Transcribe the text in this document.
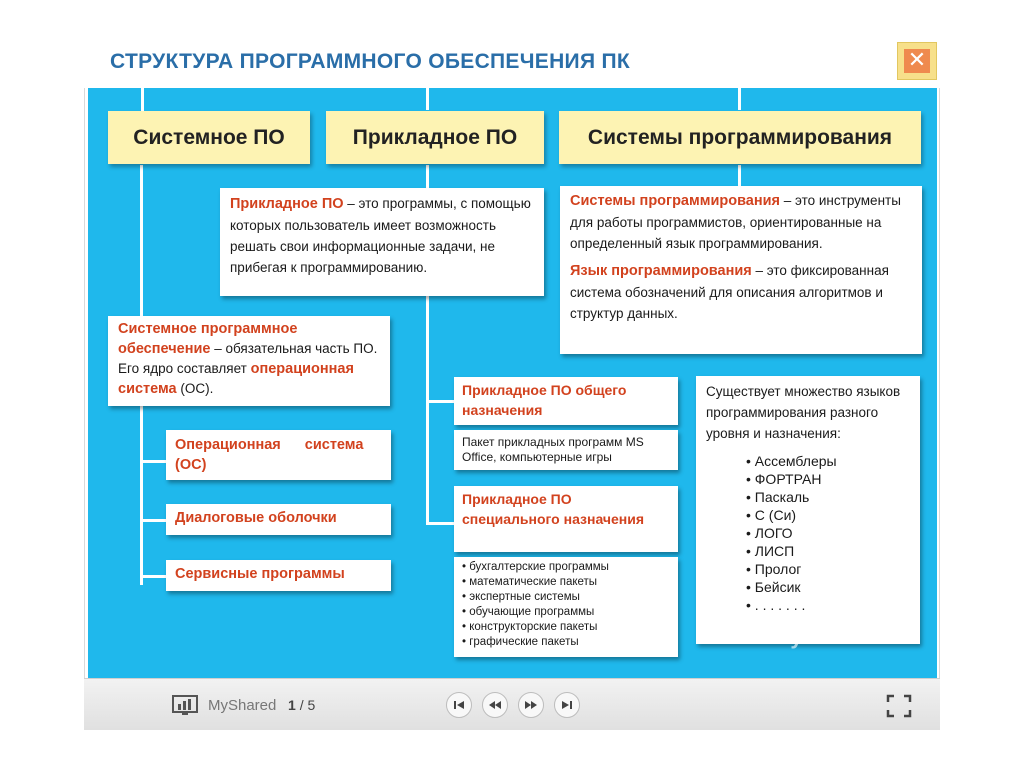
СТРУКТУРА ПРОГРАММНОГО ОБЕСПЕЧЕНИЯ ПК	✕
Системное ПО	Прикладное ПО	Системы программирования
Прикладное ПО – это программы, с помощью которых пользователь имеет возможность решать свои информационные задачи, не прибегая к программированию.
Системы программирования – это инструменты для работы программистов, ориентированные на определенный язык программирования.
Язык программирования – это фиксированная система обозначений для описания алгоритмов и структур данных.
Системное программное обеспечение – обязательная часть ПО. Его ядро составляет операционная система (ОС).
Операционная система (ОС)
Диалоговые оболочки
Сервисные программы
Прикладное ПО общего назначения
Пакет прикладных программ MS Office, компьютерные игры
Прикладное ПО специального назначения
• бухгалтерские программы
• математические пакеты
• экспертные системы
• обучающие программы
• конструкторские пакеты
• графические пакеты
Существует множество языков программирования разного уровня и назначения:
• Ассемблеры
• ФОРТРАН
• Паскаль
• C (Си)
• ЛОГО
• ЛИСП
• Пролог
• Бейсик
• . . . . . . .
MyShared
MyShared 1 / 5
